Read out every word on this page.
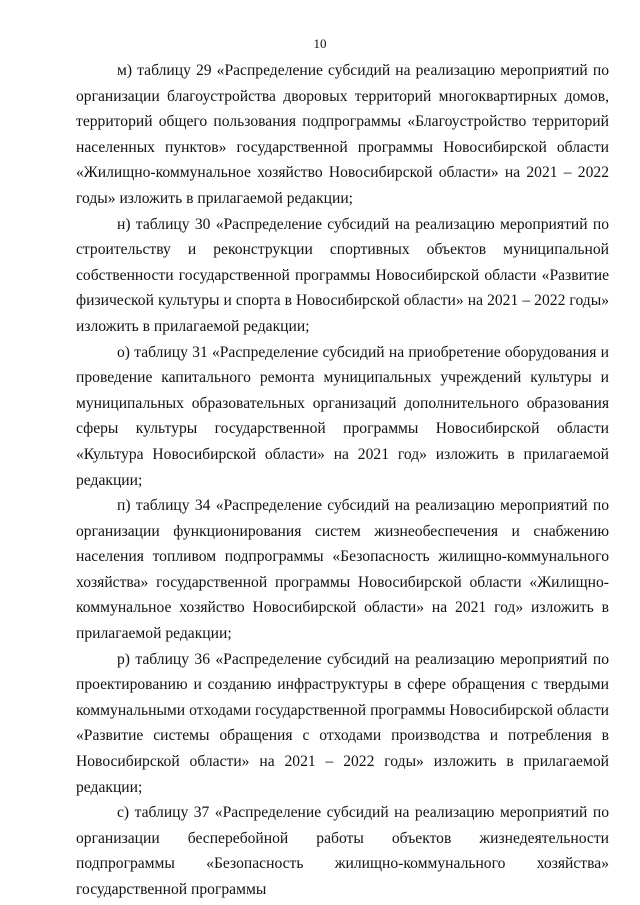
10

м) таблицу 29 «Распределение субсидий на реализацию мероприятий по организации благоустройства дворовых территорий многоквартирных домов, территорий общего пользования подпрограммы «Благоустройство территорий населенных пунктов» государственной программы Новосибирской области «Жилищно-коммунальное хозяйство Новосибирской области» на 2021 – 2022 годы» изложить в прилагаемой редакции;

н) таблицу 30 «Распределение субсидий на реализацию мероприятий по строительству и реконструкции спортивных объектов муниципальной собственности государственной программы Новосибирской области «Развитие физической культуры и спорта в Новосибирской области» на 2021 – 2022 годы» изложить в прилагаемой редакции;

о) таблицу 31 «Распределение субсидий на приобретение оборудования и проведение капитального ремонта муниципальных учреждений культуры и муниципальных образовательных организаций дополнительного образования сферы культуры государственной программы Новосибирской области «Культура Новосибирской области» на 2021 год» изложить в прилагаемой редакции;

п) таблицу 34 «Распределение субсидий на реализацию мероприятий по организации функционирования систем жизнеобеспечения и снабжению населения топливом подпрограммы «Безопасность жилищно-коммунального хозяйства» государственной программы Новосибирской области «Жилищно-коммунальное хозяйство Новосибирской области» на 2021 год» изложить в прилагаемой редакции;

р) таблицу 36 «Распределение субсидий на реализацию мероприятий по проектированию и созданию инфраструктуры в сфере обращения с твердыми коммунальными отходами государственной программы Новосибирской области «Развитие системы обращения с отходами производства и потребления в Новосибирской области» на 2021 – 2022 годы» изложить в прилагаемой редакции;

с) таблицу 37 «Распределение субсидий на реализацию мероприятий по организации бесперебойной работы объектов жизнедеятельности подпрограммы «Безопасность жилищно-коммунального хозяйства» государственной программы
